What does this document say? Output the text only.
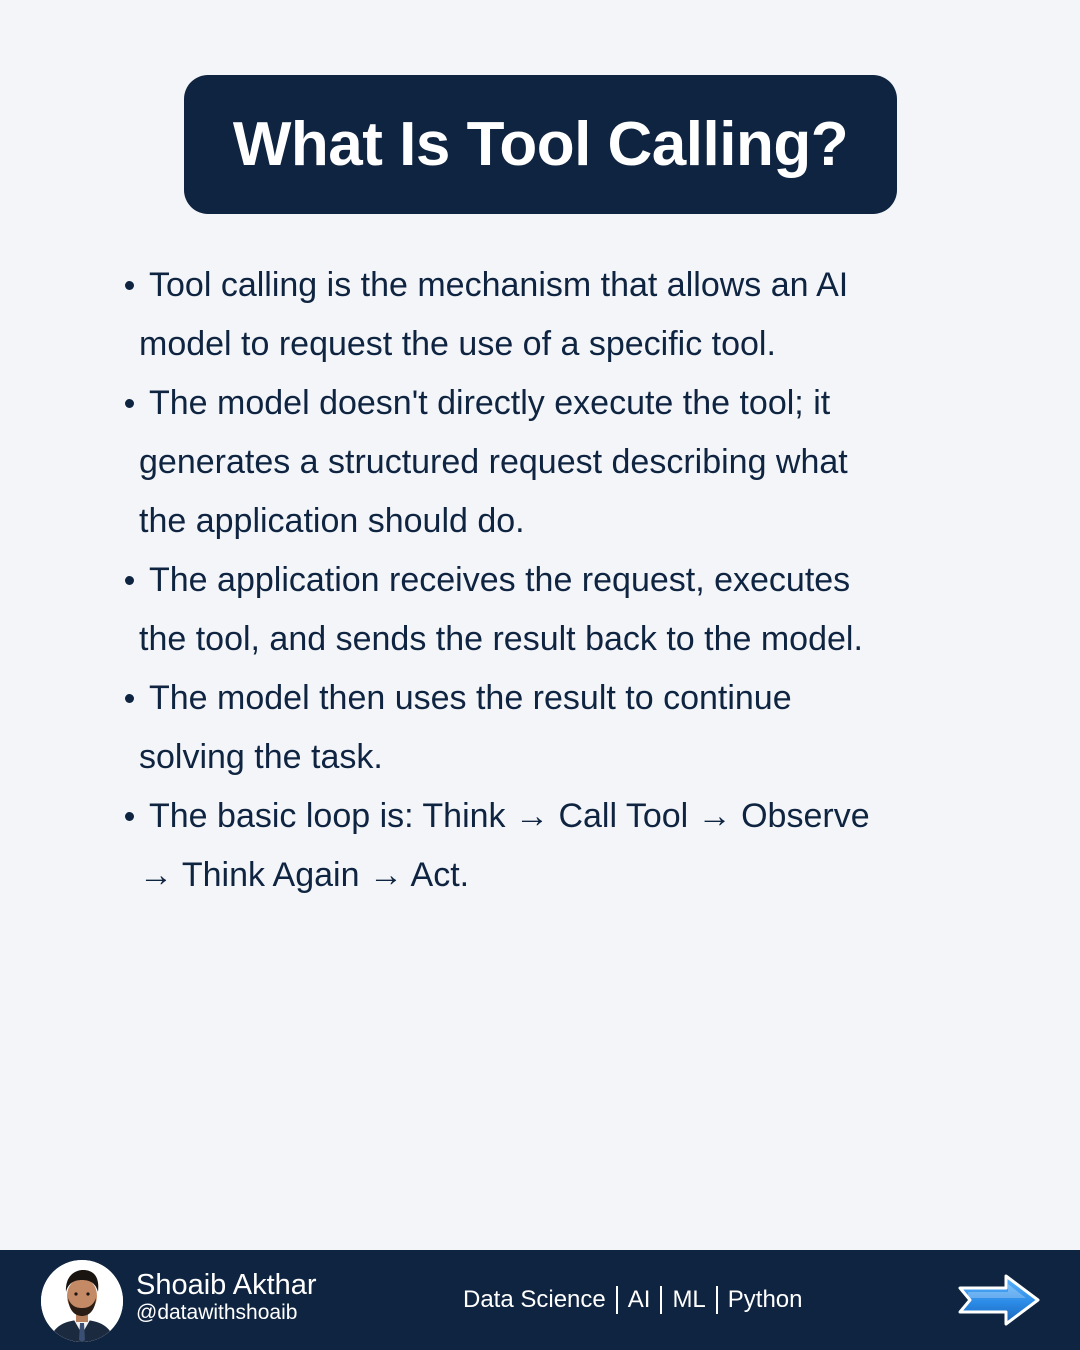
What Is Tool Calling?

Tool calling is the mechanism that allows an AI
model to request the use of a specific tool.

The model doesn't directly execute the tool; it
generates a structured request describing what
the application should do.

The application receives the request, executes
the tool, and sends the result back to the model.

The model then uses the result to continue
solving the task.

The basic loop is: Think → Call Tool → Observe
→ Think Again → Act.

Shoaib Akthar
@datawithshoaib	Data Science AI ML Python
